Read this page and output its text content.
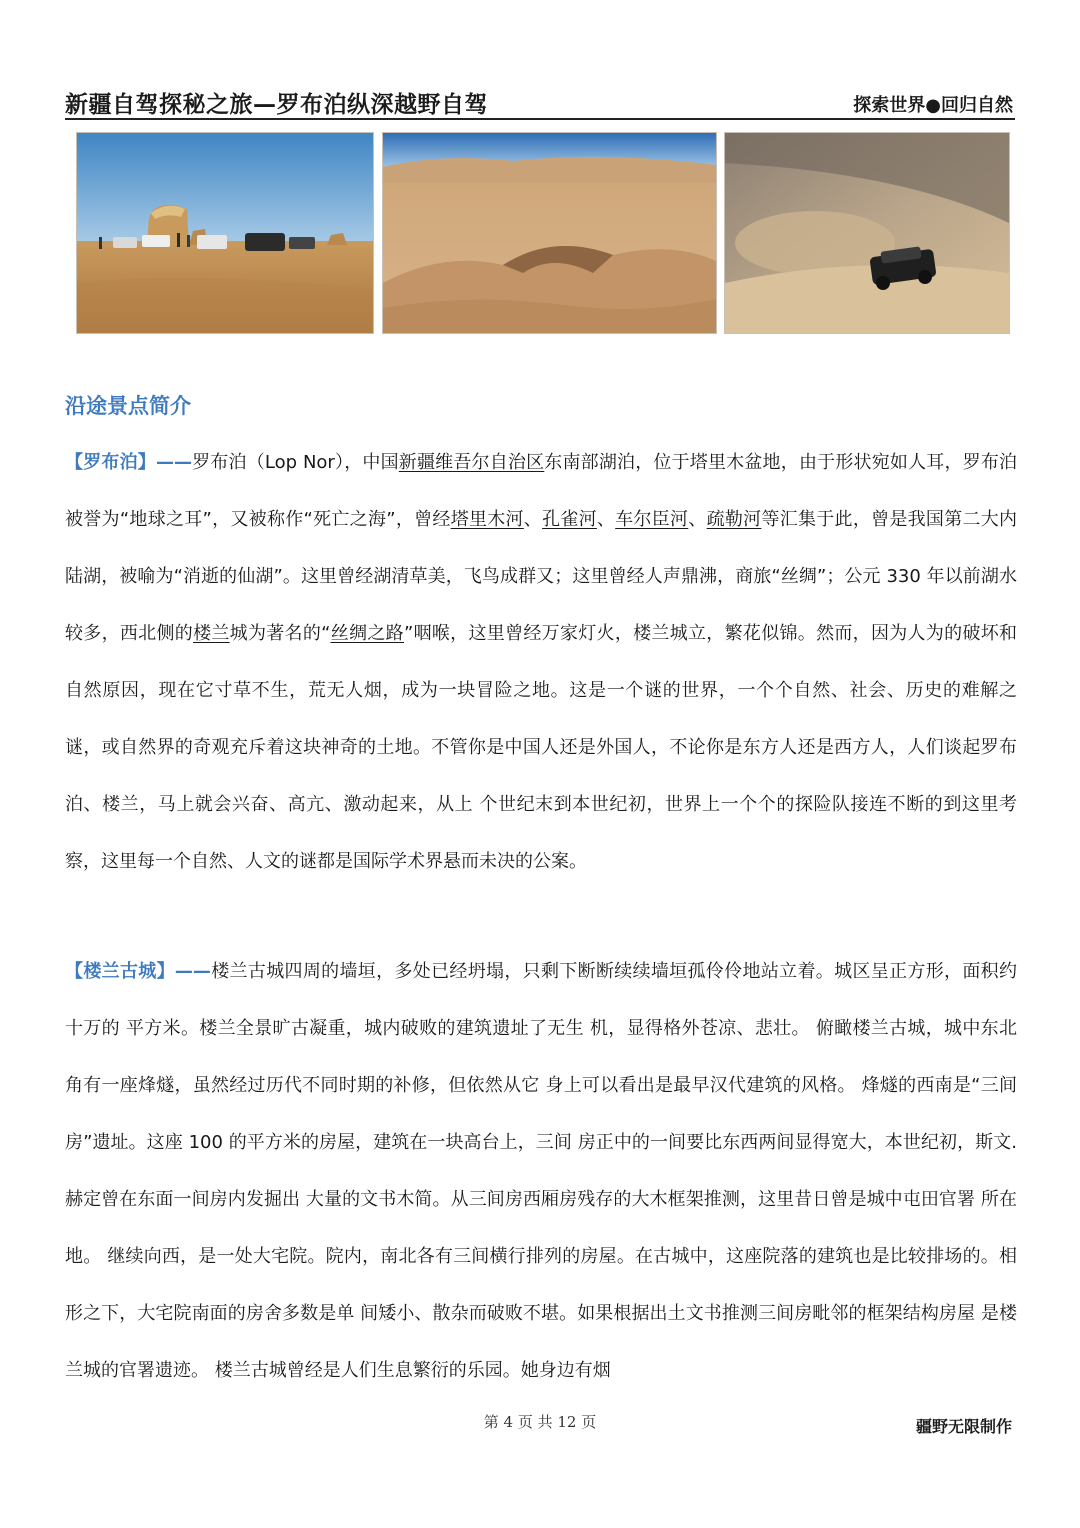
新疆自驾探秘之旅—罗布泊纵深越野自驾	探索世界●回归自然
沿途景点简介
【罗布泊】——罗布泊（Lop Nor），中国新疆维吾尔自治区东南部湖泊，位于塔里木盆地，由于形状宛如人耳，罗布泊被誉为“地球之耳”，又被称作“死亡之海”，曾经塔里木河、孔雀河、车尔臣河、疏勒河等汇集于此，曾是我国第二大内陆湖，被喻为“消逝的仙湖”。这里曾经湖清草美，飞鸟成群又；这里曾经人声鼎沸，商旅“丝绸”；公元 330 年以前湖水较多，西北侧的楼兰城为著名的“丝绸之路”咽喉，这里曾经万家灯火，楼兰城立，繁花似锦。然而，因为人为的破坏和自然原因，现在它寸草不生，荒无人烟，成为一块冒险之地。这是一个谜的世界，一个个自然、社会、历史的难解之谜，或自然界的奇观充斥着这块神奇的土地。不管你是中国人还是外国人，不论你是东方人还是西方人，人们谈起罗布泊、楼兰，马上就会兴奋、高亢、激动起来，从上 个世纪末到本世纪初，世界上一个个的探险队接连不断的到这里考察，这里每一个自然、人文的谜都是国际学术界悬而未决的公案。
【楼兰古城】——楼兰古城四周的墙垣，多处已经坍塌，只剩下断断续续墙垣孤伶伶地站立着。城区呈正方形，面积约十万的 平方米。楼兰全景旷古凝重，城内破败的建筑遗址了无生 机，显得格外苍凉、悲壮。 俯瞰楼兰古城，城中东北角有一座烽燧，虽然经过历代不同时期的补修，但依然从它 身上可以看出是最早汉代建筑的风格。 烽燧的西南是“三间房”遗址。这座 100 的平方米的房屋，建筑在一块高台上，三间 房正中的一间要比东西两间显得宽大，本世纪初，斯文.赫定曾在东面一间房内发掘出 大量的文书木简。从三间房西厢房残存的大木框架推测，这里昔日曾是城中屯田官署 所在地。 继续向西，是一处大宅院。院内，南北各有三间横行排列的房屋。在古城中，这座院落的建筑也是比较排场的。相形之下，大宅院南面的房舍多数是单 间矮小、散杂而破败不堪。如果根据出土文书推测三间房毗邻的框架结构房屋 是楼兰城的官署遗迹。 楼兰古城曾经是人们生息繁衍的乐园。她身边有烟
第 4 页 共 12 页	疆野无限制作
